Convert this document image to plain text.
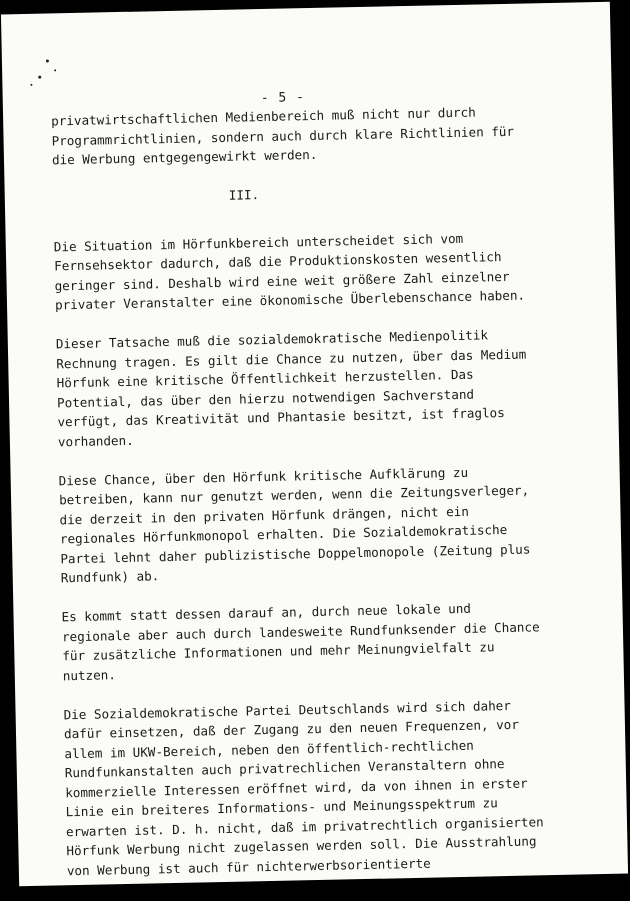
- 5 -
privatwirtschaftlichen Medienbereich muß nicht nur durch
Programmrichtlinien, sondern auch durch klare Richtlinien für
die Werbung entgegengewirkt werden.
III.
Die Situation im Hörfunkbereich unterscheidet sich vom
Fernsehsektor dadurch, daß die Produktionskosten wesentlich
geringer sind. Deshalb wird eine weit größere Zahl einzelner
privater Veranstalter eine ökonomische Überlebenschance haben.
Dieser Tatsache muß die sozialdemokratische Medienpolitik
Rechnung tragen. Es gilt die Chance zu nutzen, über das Medium
Hörfunk eine kritische Öffentlichkeit herzustellen. Das
Potential, das über den hierzu notwendigen Sachverstand
verfügt, das Kreativität und Phantasie besitzt, ist fraglos
vorhanden.
Diese Chance, über den Hörfunk kritische Aufklärung zu
betreiben, kann nur genutzt werden, wenn die Zeitungsverleger,
die derzeit in den privaten Hörfunk drängen, nicht ein
regionales Hörfunkmonopol erhalten. Die Sozialdemokratische
Partei lehnt daher publizistische Doppelmonopole (Zeitung plus
Rundfunk) ab.
Es kommt statt dessen darauf an, durch neue lokale und
regionale aber auch durch landesweite Rundfunksender die Chance
für zusätzliche Informationen und mehr Meinungvielfalt zu
nutzen.
Die Sozialdemokratische Partei Deutschlands wird sich daher
dafür einsetzen, daß der Zugang zu den neuen Frequenzen, vor
allem im UKW-Bereich, neben den öffentlich-rechtlichen
Rundfunkanstalten auch privatrechlichen Veranstaltern ohne
kommerzielle Interessen eröffnet wird, da von ihnen in erster
Linie ein breiteres Informations- und Meinungsspektrum zu
erwarten ist. D. h. nicht, daß im privatrechtlich organisierten
Hörfunk Werbung nicht zugelassen werden soll. Die Ausstrahlung
von Werbung ist auch für nichterwerbsorientierte
